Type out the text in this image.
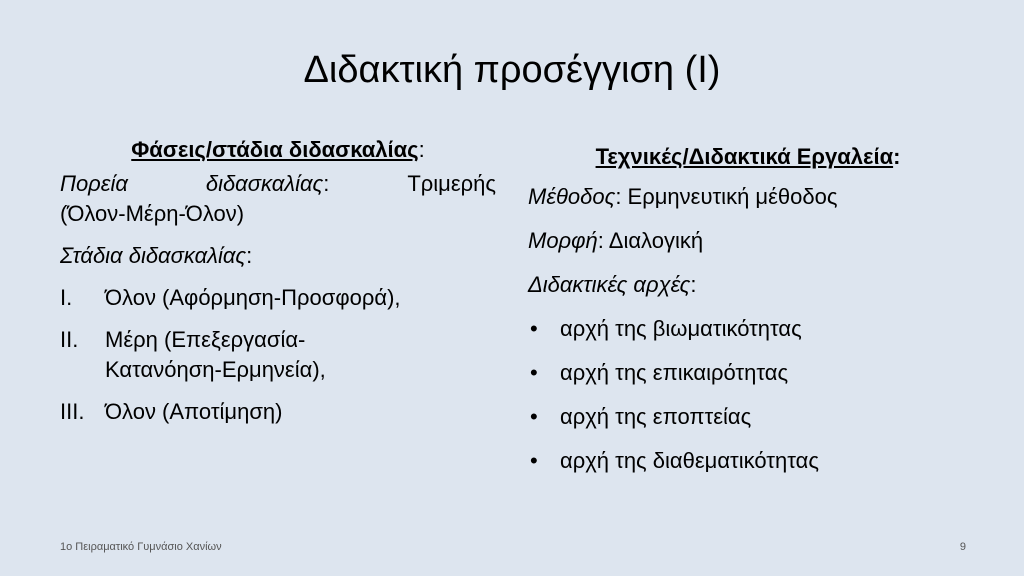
Διδακτική προσέγγιση (Ι)
Φάσεις/στάδια διδασκαλίας:
Πορεία	διδασκαλίας:	Τριμερής
(Όλον-Μέρη-Όλον)
Στάδια διδασκαλίας:
I.	Όλον (Αφόρμηση-Προσφορά),
II.	Μέρη (Επεξεργασία-
Κατανόηση-Ερμηνεία),
III. Όλον (Αποτίμηση)
Τεχνικές/Διδακτικά Εργαλεία:
Μέθοδος: Ερμηνευτική μέθοδος
Μορφή: Διαλογική
Διδακτικές αρχές:
•	αρχή της βιωματικότητας
•	αρχή της επικαιρότητας
•	αρχή της εποπτείας
•	αρχή της διαθεματικότητας
1ο Πειραματικό Γυμνάσιο Χανίων	9
